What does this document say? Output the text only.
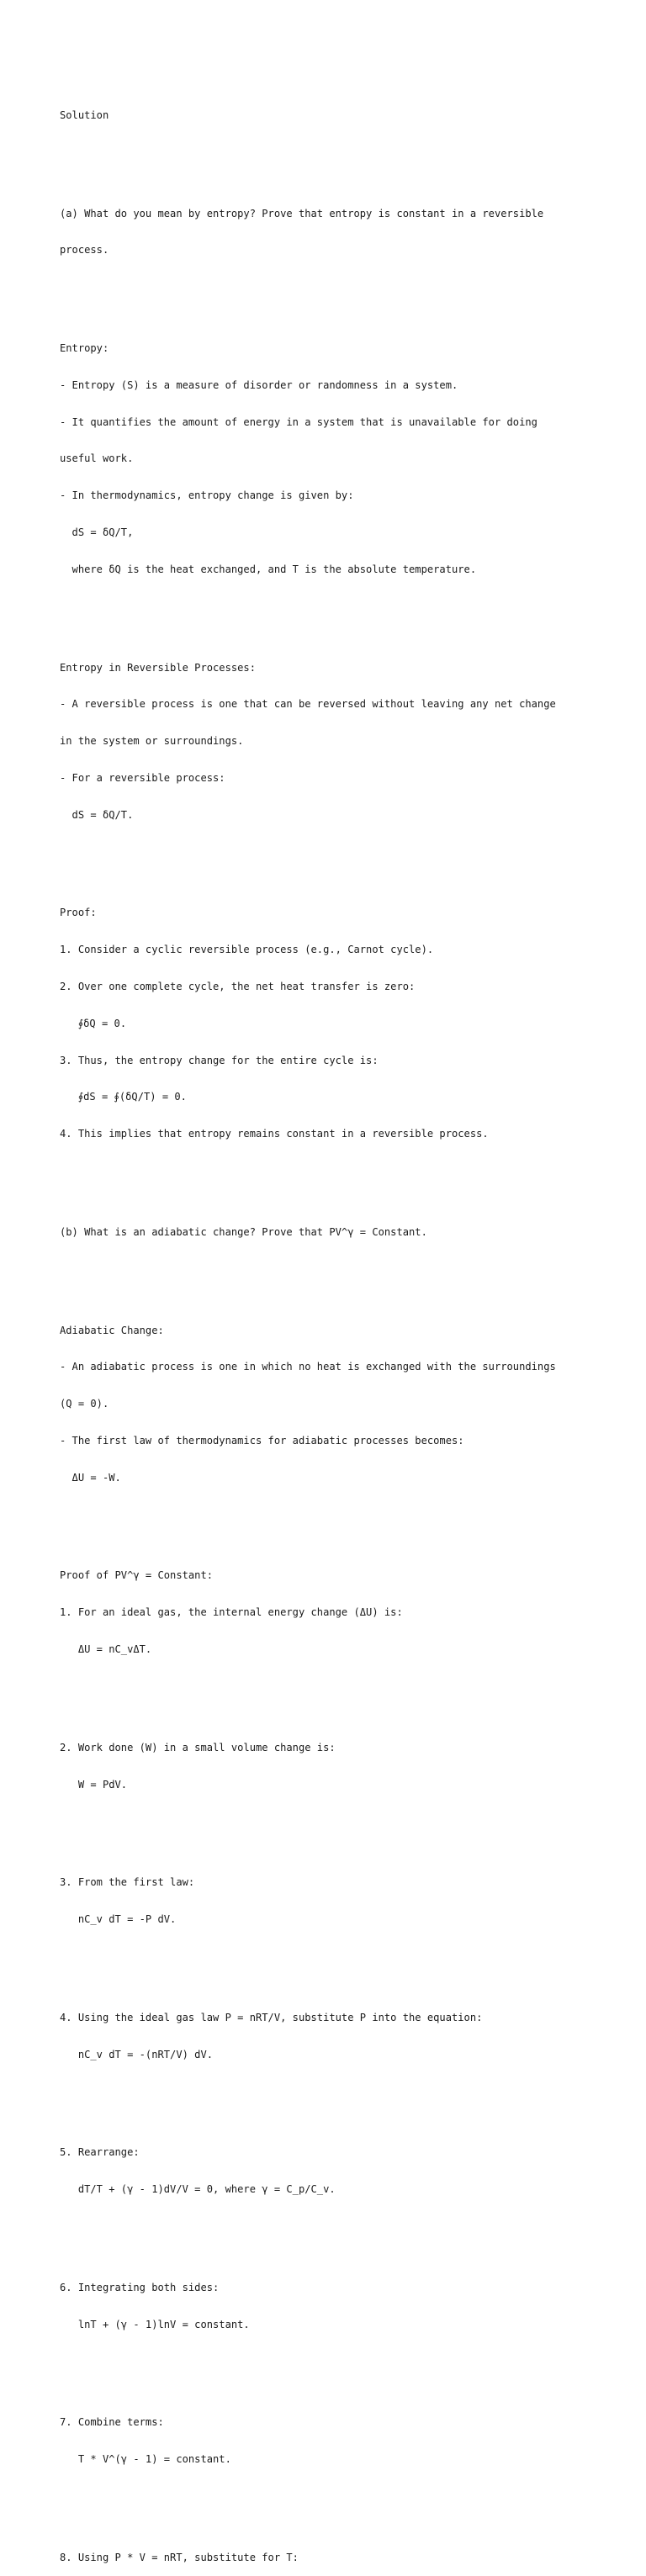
Solution

(a) What do you mean by entropy? Prove that entropy is constant in a reversible

process.

Entropy:

- Entropy (S) is a measure of disorder or randomness in a system.

- It quantifies the amount of energy in a system that is unavailable for doing

useful work.

- In thermodynamics, entropy change is given by:

dS = δQ/T,

where δQ is the heat exchanged, and T is the absolute temperature.

Entropy in Reversible Processes:

- A reversible process is one that can be reversed without leaving any net change

in the system or surroundings.

- For a reversible process:

dS = δQ/T.

Proof:

1. Consider a cyclic reversible process (e.g., Carnot cycle).

2. Over one complete cycle, the net heat transfer is zero:

∮δQ = 0.

3. Thus, the entropy change for the entire cycle is:

∮dS = ∮(δQ/T) = 0.

4. This implies that entropy remains constant in a reversible process.

(b) What is an adiabatic change? Prove that PV^γ = Constant.

Adiabatic Change:

- An adiabatic process is one in which no heat is exchanged with the surroundings

(Q = 0).

- The first law of thermodynamics for adiabatic processes becomes:

ΔU = -W.

Proof of PV^γ = Constant:

1. For an ideal gas, the internal energy change (ΔU) is:

ΔU = nC_vΔT.

2. Work done (W) in a small volume change is:

W = PdV.

3. From the first law:

nC_v dT = -P dV.

4. Using the ideal gas law P = nRT/V, substitute P into the equation:

nC_v dT = -(nRT/V) dV.

5. Rearrange:

dT/T + (γ - 1)dV/V = 0, where γ = C_p/C_v.

6. Integrating both sides:

lnT + (γ - 1)lnV = constant.

7. Combine terms:

T * V^(γ - 1) = constant.

8. Using P * V = nRT, substitute for T:
